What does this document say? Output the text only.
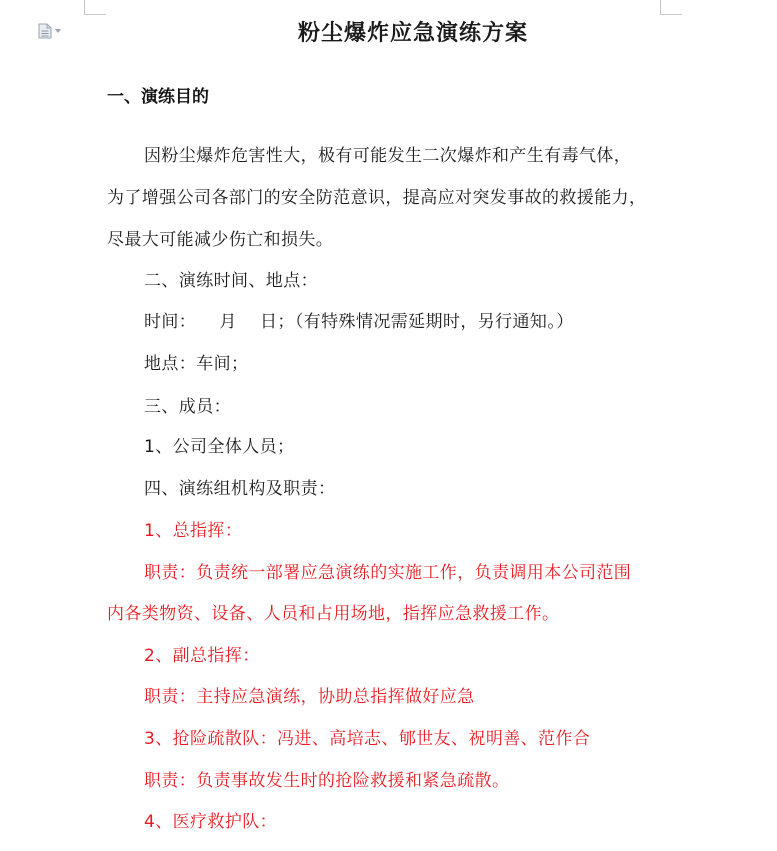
粉尘爆炸应急演练方案
一、演练目的
因粉尘爆炸危害性大，极有可能发生二次爆炸和产生有毒气体，
为了增强公司各部门的安全防范意识，提高应对突发事故的救援能力，
尽最大可能减少伤亡和损失。
二、演练时间、地点：
时间：    月    日；（有特殊情况需延期时，另行通知。）
地点：车间；
三、成员：
1、公司全体人员；
四、演练组机构及职责：
1、总指挥：
职责：负责统一部署应急演练的实施工作，负责调用本公司范围
内各类物资、设备、人员和占用场地，指挥应急救援工作。
2、副总指挥：
职责：主持应急演练，协助总指挥做好应急
3、抢险疏散队：冯进、高培志、郇世友、祝明善、范作合
职责：负责事故发生时的抢险救援和紧急疏散。
4、医疗救护队：
